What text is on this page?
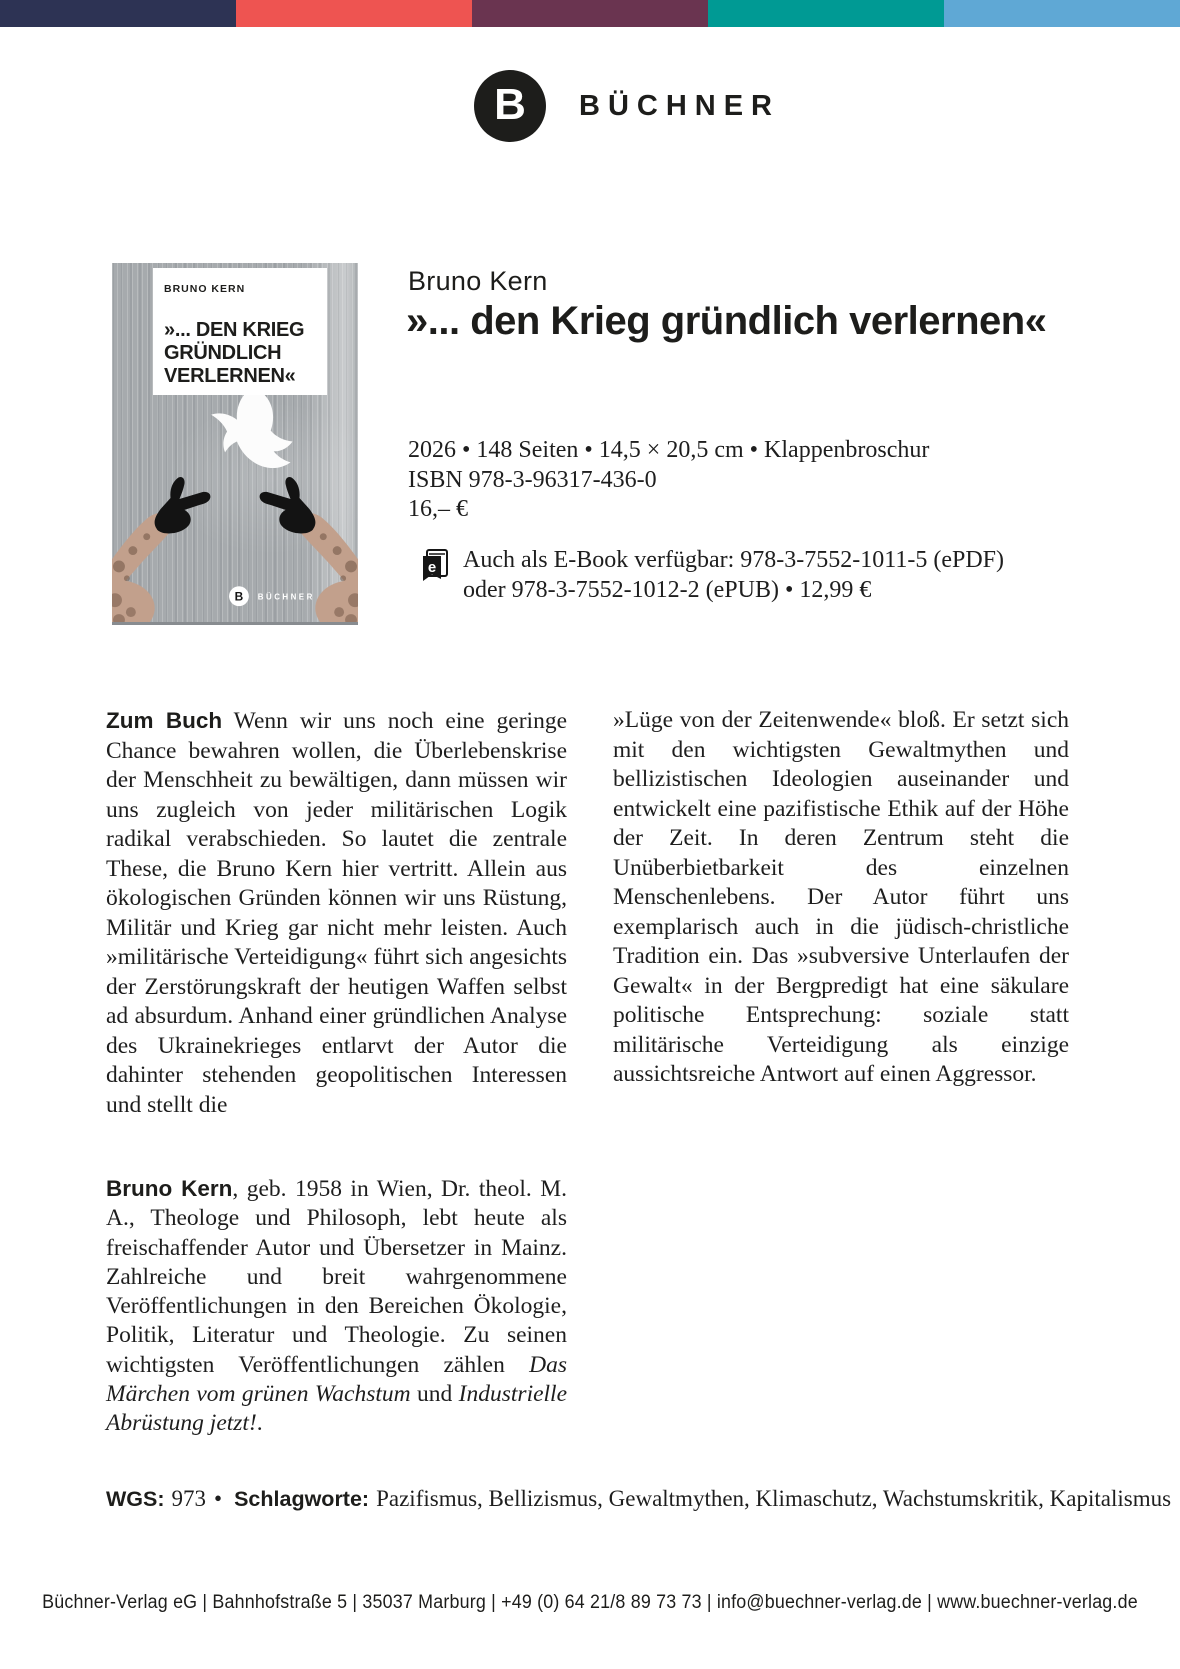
B BÜCHNER
B BÜCHNER
BRUNO KERN
»... DEN KRIEG
GRÜNDLICH
VERLERNEN«
Bruno Kern
»... den Krieg gründlich verlernen«
2026 • 148 Seiten • 14,5 × 20,5 cm • Klappenbroschur
ISBN 978-3-96317-436-0
16,– €
e Auch als E-Book verfügbar: 978-3-7552-1011-5 (ePDF)
oder 978-3-7552-1012-2 (ePUB) • 12,99 €
Zum Buch Wenn wir uns noch eine geringe Chance bewahren wollen, die Überlebenskrise der Menschheit zu bewältigen, dann müssen wir uns zugleich von jeder militärischen Logik radikal verabschieden. So lautet die zentrale These, die Bruno Kern hier vertritt. Allein aus ökologischen Gründen können wir uns Rüstung, Militär und Krieg gar nicht mehr leisten. Auch »militärische Verteidigung« führt sich angesichts der Zerstörungskraft der heutigen Waffen selbst ad absurdum. Anhand einer gründlichen Analyse des Ukrainekrieges entlarvt der Autor die dahinter stehenden geopolitischen Interessen und stellt die
»Lüge von der Zeitenwende« bloß. Er setzt sich mit den wichtigsten Gewaltmythen und bellizistischen Ideologien auseinander und entwickelt eine pazifistische Ethik auf der Höhe der Zeit. In deren Zentrum steht die Unüberbietbarkeit des einzelnen Menschenlebens. Der Autor führt uns exemplarisch auch in die jüdisch-christliche Tradition ein. Das »subversive Unterlaufen der Gewalt« in der Bergpredigt hat eine säkulare politische Entsprechung: soziale statt militärische Verteidigung als einzige aussichtsreiche Antwort auf einen Aggressor.
Bruno Kern, geb. 1958 in Wien, Dr. theol. M. A., Theologe und Philosoph, lebt heute als freischaffender Autor und Übersetzer in Mainz. Zahlreiche und breit wahrgenommene Veröffentlichungen in den Bereichen Ökologie, Politik, Literatur und Theologie. Zu seinen wichtigsten Veröffentlichungen zählen Das Märchen vom grünen Wachstum und Industrielle Abrüstung jetzt!.
WGS: 973 • Schlagworte: Pazifismus, Bellizismus, Gewaltmythen, Klimaschutz, Wachstumskritik, Kapitalismus
Büchner-Verlag eG | Bahnhofstraße 5 | 35037 Marburg | +49 (0) 64 21/8 89 73 73 | info@buechner-verlag.de | www.buechner-verlag.de
